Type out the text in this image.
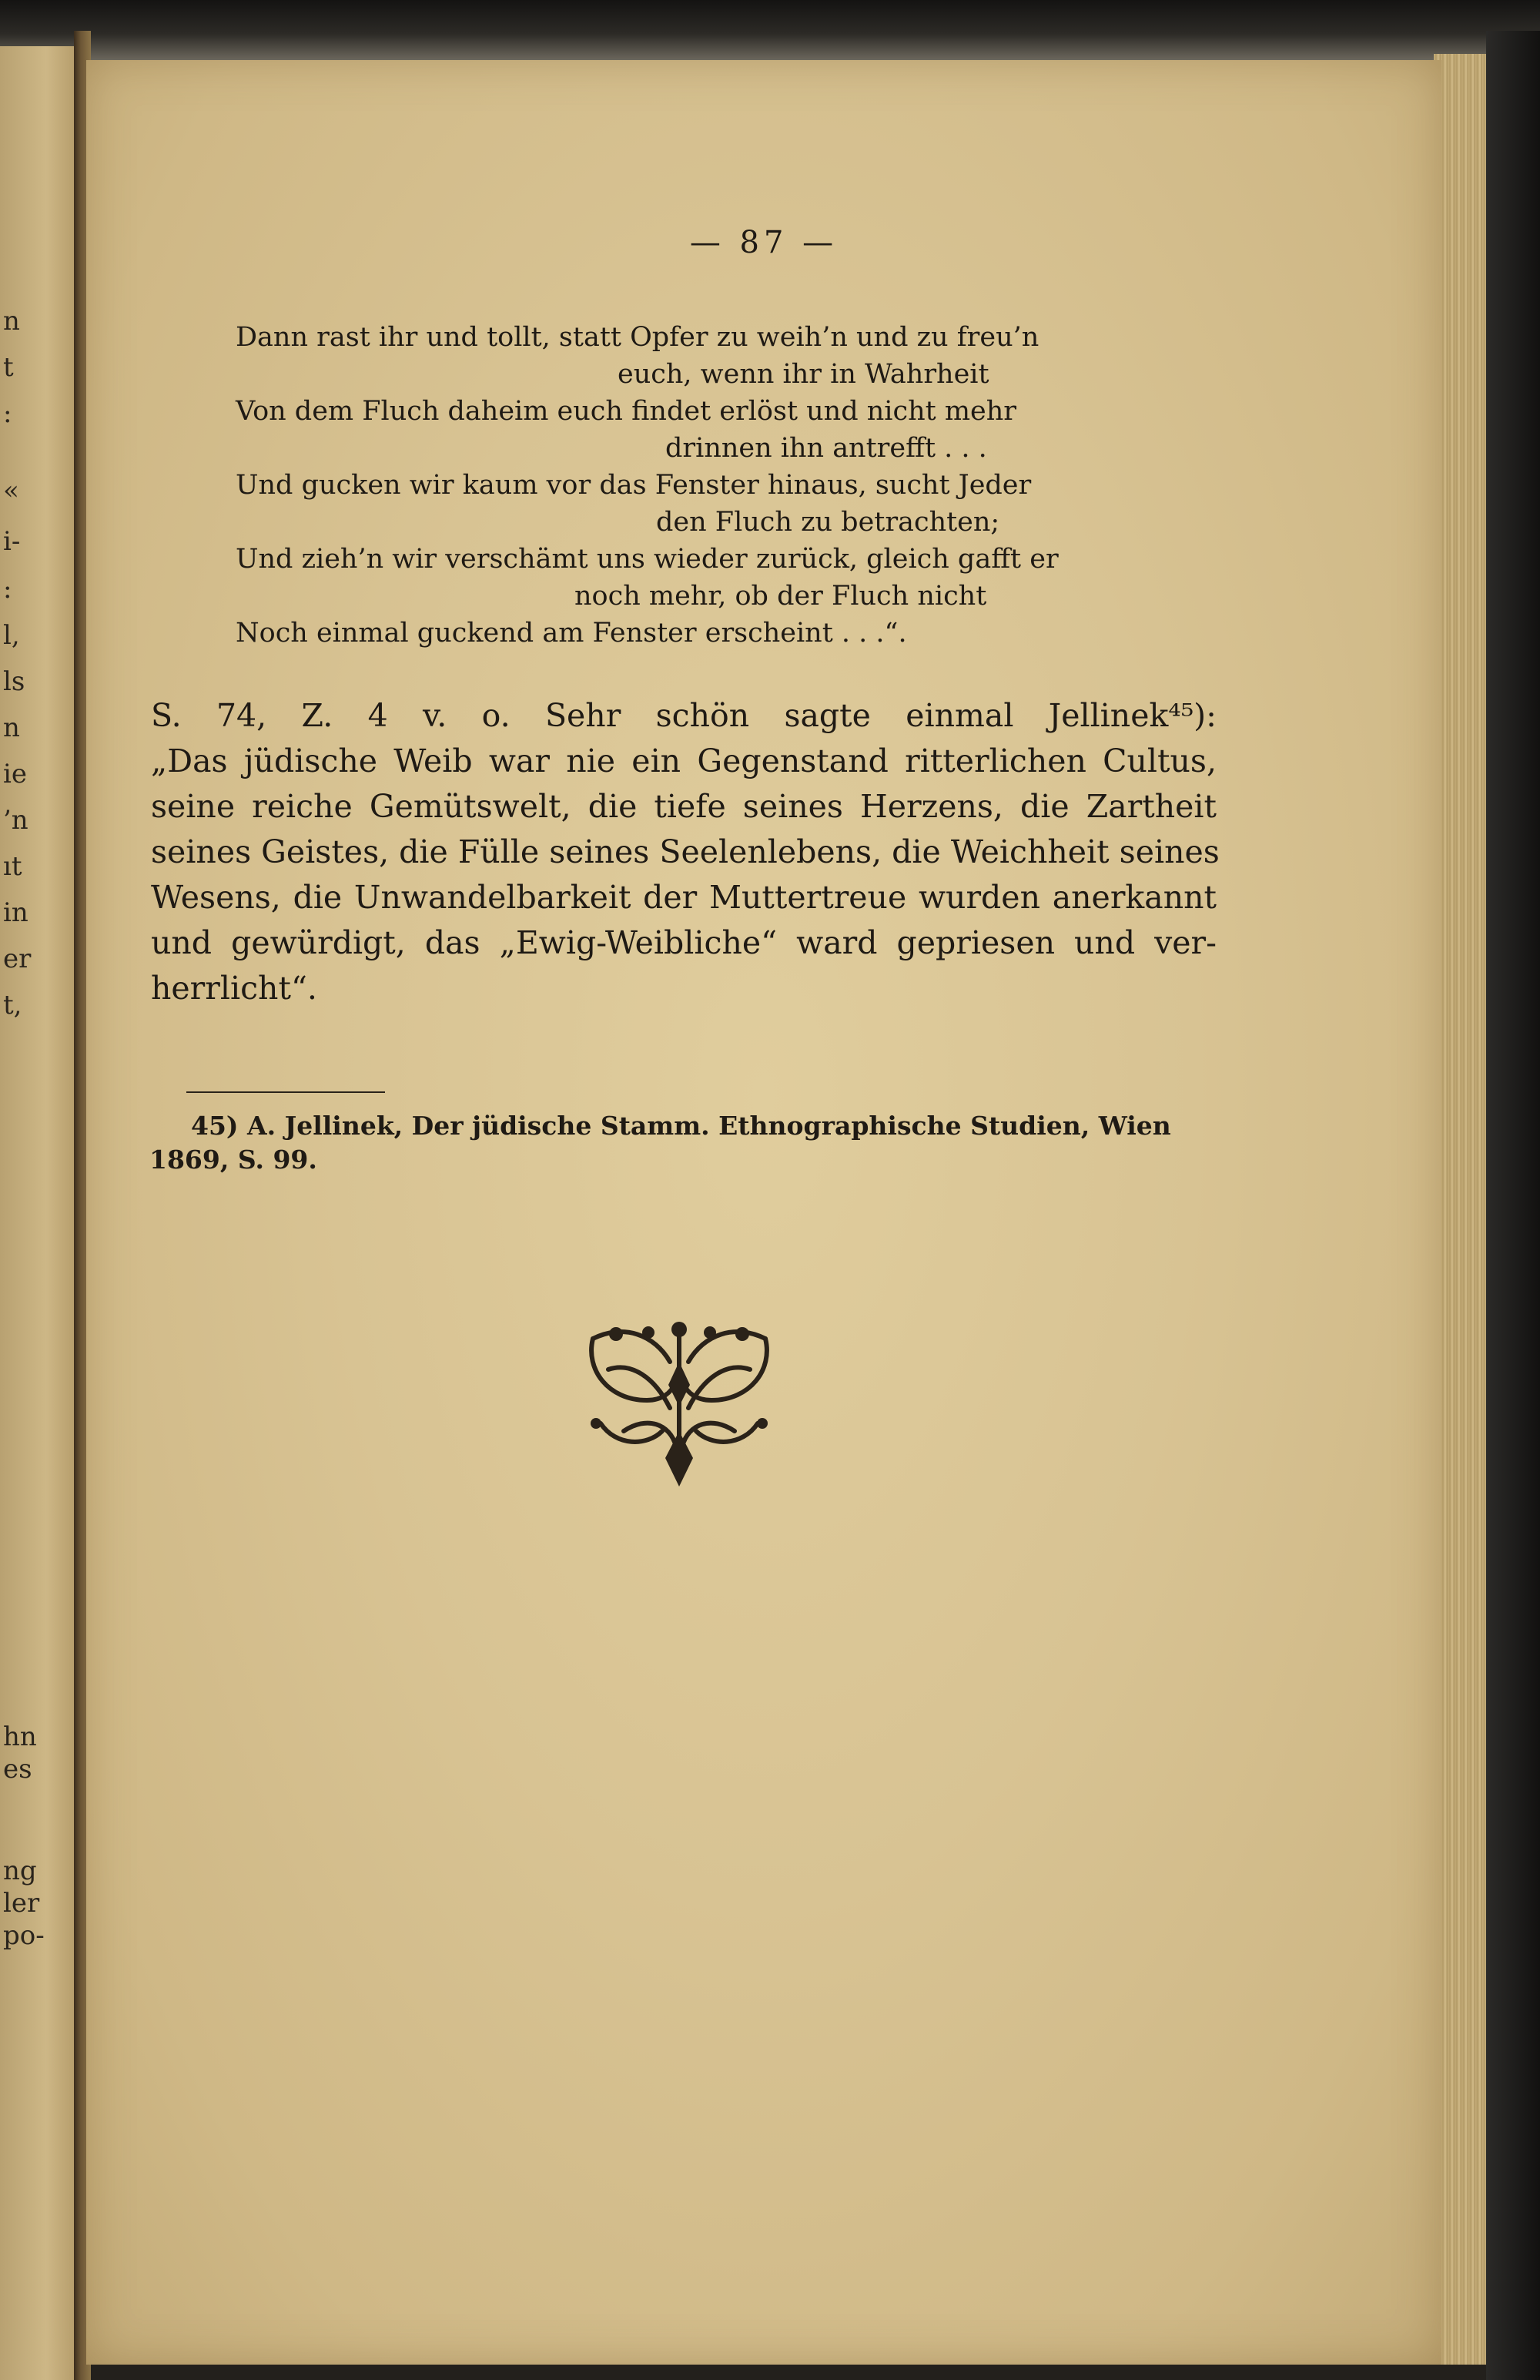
n
t
:
«
i-
:
l,
ls
n
ie
’n
ıt
in
er
t,
hn
es
ng
ler
po-

— 87 —

Dann rast ihr und tollt, statt Opfer zu weih’n und zu freu’n

euch, wenn ihr in Wahrheit

Von dem Fluch daheim euch findet erlöst und nicht mehr

drinnen ihn antrefft . . .

Und gucken wir kaum vor das Fenster hinaus, sucht Jeder

den Fluch zu betrachten;

Und zieh’n wir verschämt uns wieder zurück, gleich gafft er

noch mehr, ob der Fluch nicht

Noch einmal guckend am Fenster erscheint . . .“.

S. 74, Z. 4 v. o. Sehr schön sagte einmal Jellinek⁴⁵):

„Das jüdische Weib war nie ein Gegenstand ritterlichen Cultus,

seine reiche Gemütswelt, die tiefe seines Herzens, die Zartheit

seines Geistes, die Fülle seines Seelenlebens, die Weichheit seines

Wesens, die Unwandelbarkeit der Muttertreue wurden anerkannt

und gewürdigt, das „Ewig-Weibliche“ ward gepriesen und ver-

herrlicht“.

45) A. Jellinek, Der jüdische Stamm. Ethnographische Studien, Wien

1869, S. 99.
